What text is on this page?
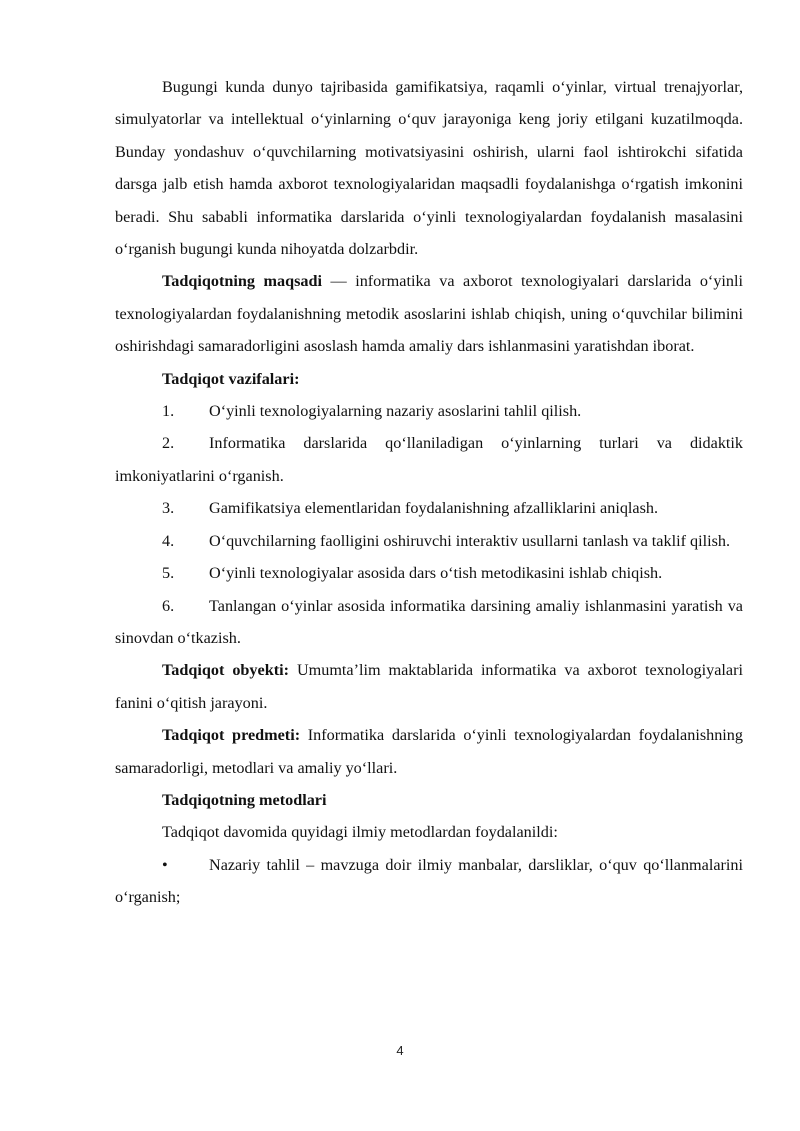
Bugungi kunda dunyo tajribasida gamifikatsiya, raqamli o‘yinlar, virtual trenajyorlar, simulyatorlar va intellektual o‘yinlarning o‘quv jarayoniga keng joriy etilgani kuzatilmoqda. Bunday yondashuv o‘quvchilarning motivatsiyasini oshirish, ularni faol ishtirokchi sifatida darsga jalb etish hamda axborot texnologiyalaridan maqsadli foydalanishga o‘rgatish imkonini beradi. Shu sababli informatika darslarida o‘yinli texnologiyalardan foydalanish masalasini o‘rganish bugungi kunda nihoyatda dolzarbdir.

Tadqiqotning maqsadi — informatika va axborot texnologiyalari darslarida o‘yinli texnologiyalardan foydalanishning metodik asoslarini ishlab chiqish, uning o‘quvchilar bilimini oshirishdagi samaradorligini asoslash hamda amaliy dars ishlanmasini yaratishdan iborat.

Tadqiqot vazifalari:

1. O‘yinli texnologiyalarning nazariy asoslarini tahlil qilish.

2. Informatika darslarida qo‘llaniladigan o‘yinlarning turlari va didaktik imkoniyatlarini o‘rganish.

3. Gamifikatsiya elementlaridan foydalanishning afzalliklarini aniqlash.

4. O‘quvchilarning faolligini oshiruvchi interaktiv usullarni tanlash va taklif qilish.

5. O‘yinli texnologiyalar asosida dars o‘tish metodikasini ishlab chiqish.

6. Tanlangan o‘yinlar asosida informatika darsining amaliy ishlanmasini yaratish va sinovdan o‘tkazish.

Tadqiqot obyekti: Umumta’lim maktablarida informatika va axborot texnologiyalari fanini o‘qitish jarayoni.

Tadqiqot predmeti: Informatika darslarida o‘yinli texnologiyalardan foydalanishning samaradorligi, metodlari va amaliy yo‘llari.

Tadqiqotning metodlari

Tadqiqot davomida quyidagi ilmiy metodlardan foydalanildi:

•	Nazariy tahlil – mavzuga doir ilmiy manbalar, darsliklar, o‘quv qo‘llanmalarini o‘rganish;

4
